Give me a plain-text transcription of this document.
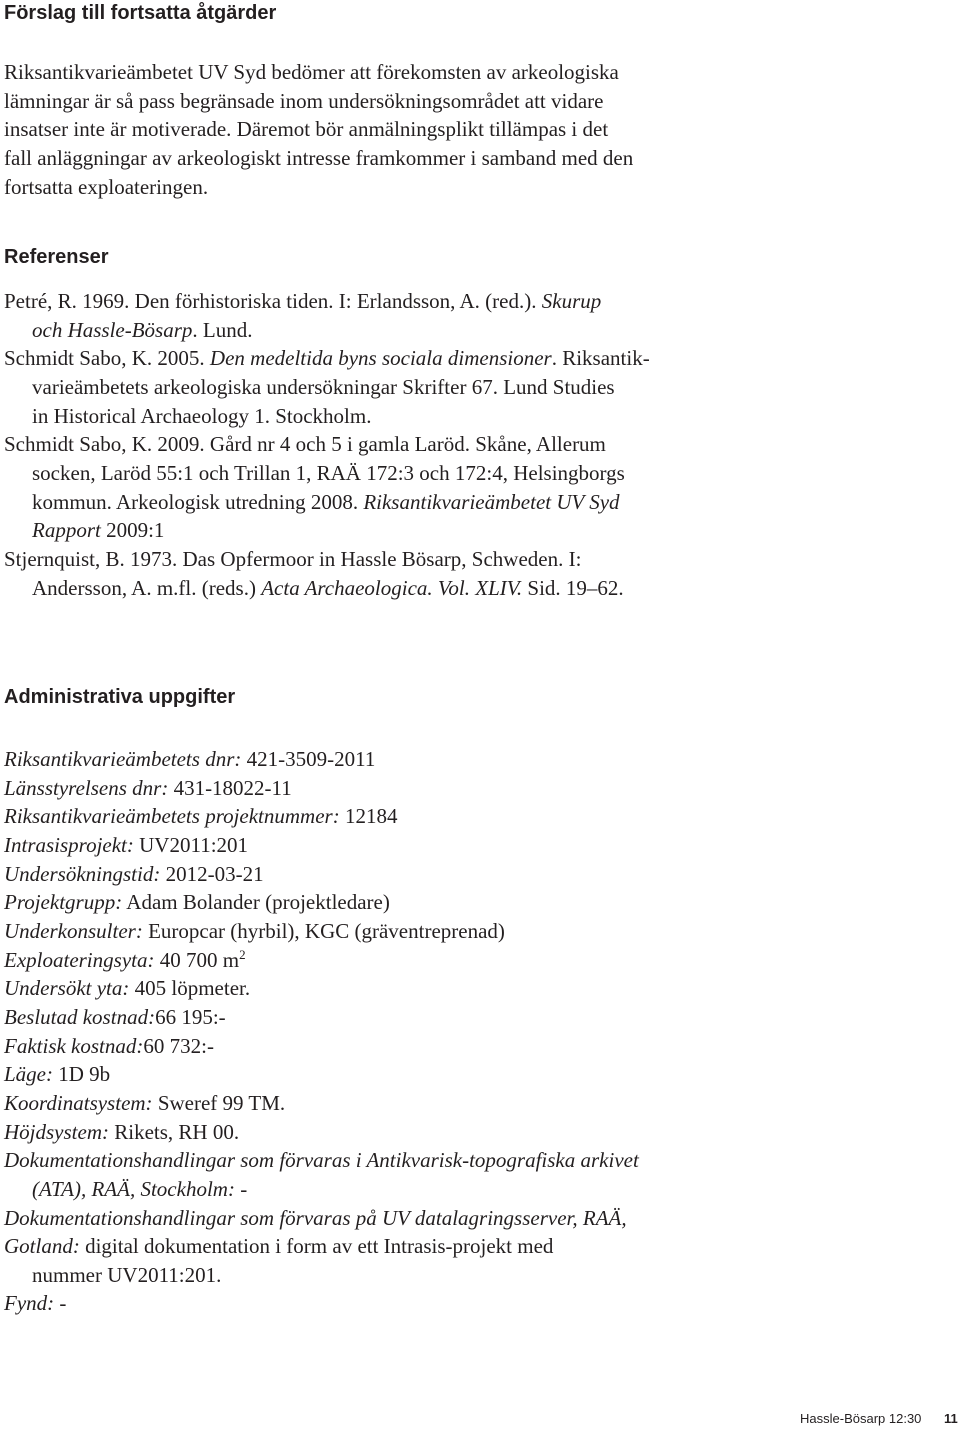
Förslag till fortsatta åtgärder
Riksantikvarieämbetet UV Syd bedömer att förekomsten av arkeologiska
lämningar är så pass begränsade inom undersökningsområdet att vidare
insatser inte är motiverade. Däremot bör anmälningsplikt tillämpas i det
fall anläggningar av arkeologiskt intresse framkommer i samband med den
fortsatta exploateringen.
Referenser
Petré, R. 1969. Den förhistoriska tiden. I: Erlandsson, A. (red.). Skurup
och Hassle-Bösarp. Lund.
Schmidt Sabo, K. 2005. Den medeltida byns sociala dimensioner. Riksantik-
varieämbetets arkeologiska undersökningar Skrifter 67. Lund Studies
in Historical Archaeology 1. Stockholm.
Schmidt Sabo, K. 2009. Gård nr 4 och 5 i gamla Laröd. Skåne, Allerum
socken, Laröd 55:1 och Trillan 1, RAÄ 172:3 och 172:4, Helsingborgs
kommun. Arkeologisk utredning 2008. Riksantikvarieämbetet UV Syd
Rapport 2009:1
Stjernquist, B. 1973. Das Opfermoor in Hassle Bösarp, Schweden. I:
Andersson, A. m.fl. (reds.) Acta Archaeologica. Vol. XLIV. Sid. 19–62.
Administrativa uppgifter
Riksantikvarieämbetets dnr: 421-3509-2011
Länsstyrelsens dnr: 431-18022-11
Riksantikvarieämbetets projektnummer: 12184
Intrasisprojekt: UV2011:201
Undersökningstid: 2012-03-21
Projektgrupp: Adam Bolander (projektledare)
Underkonsulter: Europcar (hyrbil), KGC (gräventreprenad)
Exploateringsyta: 40 700 $m^2$
Undersökt yta: 405 löpmeter.
Beslutad kostnad:66 195:-
Faktisk kostnad:60 732:-
Läge: 1D 9b
Koordinatsystem: Sweref 99 TM.
Höjdsystem: Rikets, RH 00.
Dokumentationshandlingar som förvaras i Antikvarisk-topografiska arkivet
(ATA), RAÄ, Stockholm: -
Dokumentationshandlingar som förvaras på UV datalagringsserver, RAÄ,
Gotland: digital dokumentation i form av ett Intrasis-projekt med
nummer UV2011:201.
Fynd: -
Hassle-Bösarp 12:30 11
